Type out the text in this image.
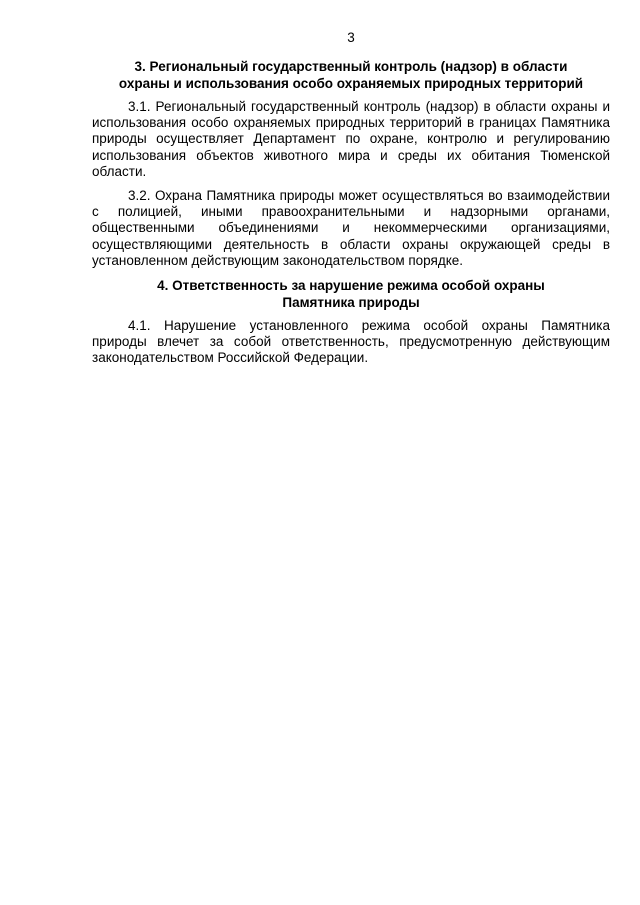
3
3. Региональный государственный контроль (надзор) в области
охраны и использования особо охраняемых природных территорий

3.1. Региональный государственный контроль (надзор) в области охраны и использования особо охраняемых природных территорий в границах Памятника природы осуществляет Департамент по охране, контролю и регулированию использования объектов животного мира и среды их обитания Тюменской области.

3.2. Охрана Памятника природы может осуществляться во взаимодействии с полицией, иными правоохранительными и надзорными органами, общественными объединениями и некоммерческими организациями, осуществляющими деятельность в области охраны окружающей среды в установленном действующим законодательством порядке.

4. Ответственность за нарушение режима особой охраны
Памятника природы

4.1. Нарушение установленного режима особой охраны Памятника природы влечет за собой ответственность, предусмотренную действующим законодательством Российской Федерации.
